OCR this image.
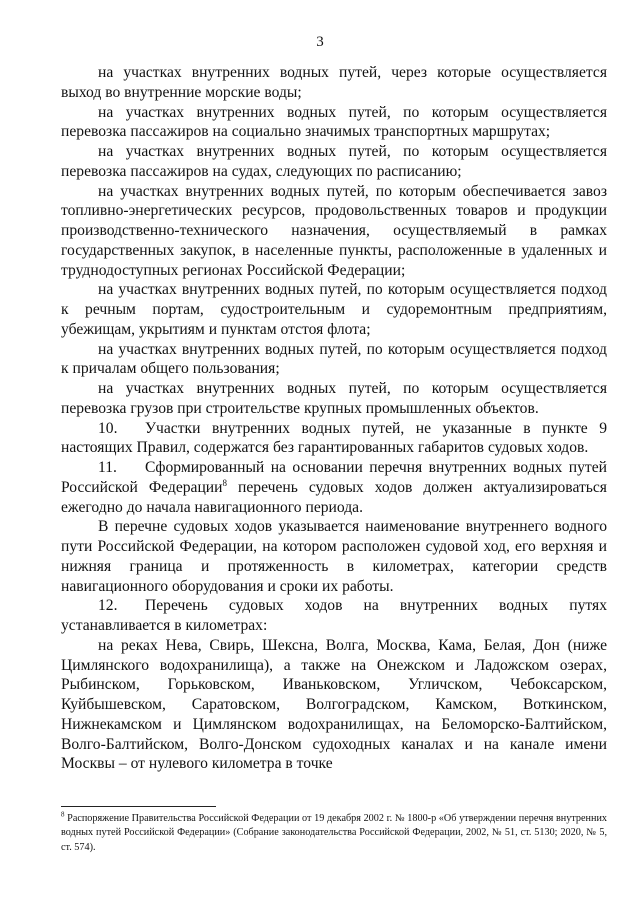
3

на участках внутренних водных путей, через которые осуществляется выход во внутренние морские воды;

на участках внутренних водных путей, по которым осуществляется перевозка пассажиров на социально значимых транспортных маршрутах;

на участках внутренних водных путей, по которым осуществляется перевозка пассажиров на судах, следующих по расписанию;

на участках внутренних водных путей, по которым обеспечивается завоз топливно-энергетических ресурсов, продовольственных товаров и продукции производственно-технического назначения, осуществляемый в рамках государственных закупок, в населенные пункты, расположенные в удаленных и труднодоступных регионах Российской Федерации;

на участках внутренних водных путей, по которым осуществляется подход к речным портам, судостроительным и судоремонтным предприятиям, убежищам, укрытиям и пунктам отстоя флота;

на участках внутренних водных путей, по которым осуществляется подход к причалам общего пользования;

на участках внутренних водных путей, по которым осуществляется перевозка грузов при строительстве крупных промышленных объектов.

10. Участки внутренних водных путей, не указанные в пункте 9 настоящих Правил, содержатся без гарантированных габаритов судовых ходов.

11. Сформированный на основании перечня внутренних водных путей Российской Федерации$^8$ перечень судовых ходов должен актуализироваться ежегодно до начала навигационного периода.

В перечне судовых ходов указывается наименование внутреннего водного пути Российской Федерации, на котором расположен судовой ход, его верхняя и нижняя граница и протяженность в километрах, категории средств навигационного оборудования и сроки их работы.

12. Перечень судовых ходов на внутренних водных путях устанавливается в километрах:

на реках Нева, Свирь, Шексна, Волга, Москва, Кама, Белая, Дон (ниже Цимлянского водохранилища), а также на Онежском и Ладожском озерах, Рыбинском, Горьковском, Иваньковском, Угличском, Чебоксарском, Куйбышевском, Саратовском, Волгоградском, Камском, Воткинском, Нижнекамском и Цимлянском водохранилищах, на Беломорско-Балтийском, Волго-Балтийском, Волго-Донском судоходных каналах и на канале имени Москвы – от нулевого километра в точке

$^8$ Распоряжение Правительства Российской Федерации от 19 декабря 2002 г. № 1800-р «Об утверждении перечня внутренних водных путей Российской Федерации» (Собрание законодательства Российской Федерации, 2002, № 51, ст. 5130; 2020, № 5, ст. 574).
